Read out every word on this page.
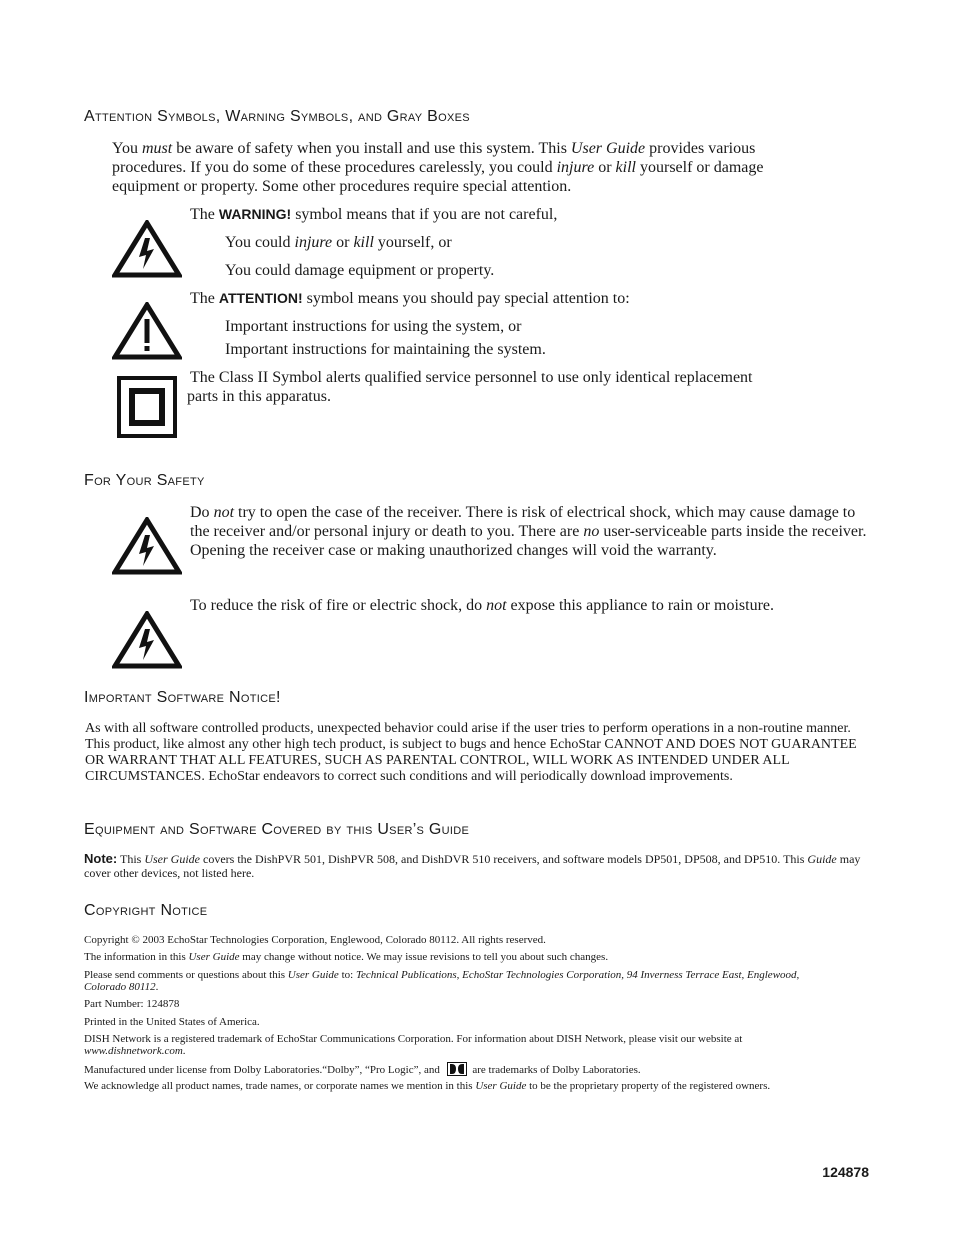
Attention Symbols, Warning Symbols, and Gray Boxes
You must be aware of safety when you install and use this system. This User Guide provides various procedures. If you do some of these procedures carelessly, you could injure or kill yourself or damage equipment or property. Some other procedures require special attention.
The WARNING! symbol means that if you are not careful,
You could injure or kill yourself, or
You could damage equipment or property.
The ATTENTION! symbol means you should pay special attention to:
Important instructions for using the system, or
Important instructions for maintaining the system.
The Class II Symbol alerts qualified service personnel to use only identical replacement
parts in this apparatus.
For Your Safety
Do not try to open the case of the receiver. There is risk of electrical shock, which may cause damage to the receiver and/or personal injury or death to you. There are no user-serviceable parts inside the receiver. Opening the receiver case or making unauthorized changes will void the warranty.
To reduce the risk of fire or electric shock, do not expose this appliance to rain or moisture.
Important Software Notice!
As with all software controlled products, unexpected behavior could arise if the user tries to perform operations in a non-routine manner. This product, like almost any other high tech product, is subject to bugs and hence EchoStar CANNOT AND DOES NOT GUARANTEE OR WARRANT THAT ALL FEATURES, SUCH AS PARENTAL CONTROL, WILL WORK AS INTENDED UNDER ALL CIRCUMSTANCES. EchoStar endeavors to correct such conditions and will periodically download improvements.
Equipment and Software Covered by this User’s Guide
Note: This User Guide covers the DishPVR 501, DishPVR 508, and DishDVR 510 receivers, and software models DP501, DP508, and DP510. This Guide may cover other devices, not listed here.
Copyright Notice
Copyright © 2003 EchoStar Technologies Corporation, Englewood, Colorado 80112. All rights reserved.
The information in this User Guide may change without notice. We may issue revisions to tell you about such changes.
Please send comments or questions about this User Guide to: Technical Publications, EchoStar Technologies Corporation, 94 Inverness Terrace East, Englewood, Colorado 80112.
Part Number: 124878
Printed in the United States of America.
DISH Network is a registered trademark of EchoStar Communications Corporation. For information about DISH Network, please visit our website at www.dishnetwork.com.
Manufactured under license from Dolby Laboratories.“Dolby”, “Pro Logic”, and
are trademarks of Dolby Laboratories.
We acknowledge all product names, trade names, or corporate names we mention in this User Guide to be the proprietary property of the registered owners.
124878
